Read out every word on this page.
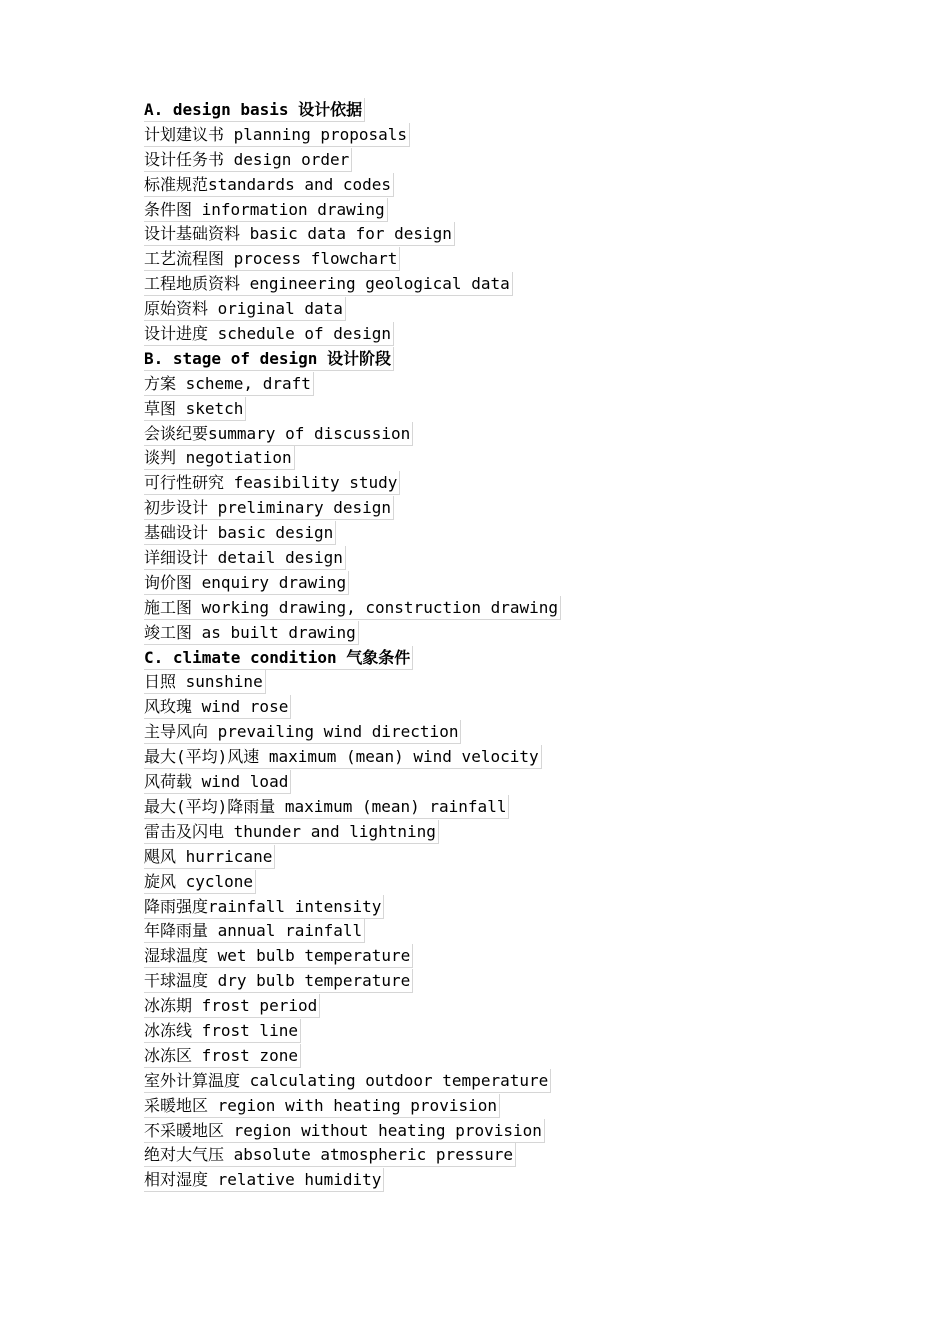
A. design basis 设计依据
计划建议书 planning proposals
设计任务书 design order
标准规范standards and codes
条件图 information drawing
设计基础资料 basic data for design
工艺流程图 process flowchart
工程地质资料 engineering geological data
原始资料 original data
设计进度 schedule of design
B. stage of design 设计阶段
方案 scheme, draft
草图 sketch
会谈纪要summary of discussion
谈判 negotiation
可行性研究 feasibility study
初步设计 preliminary design
基础设计 basic design
详细设计 detail design
询价图 enquiry drawing
施工图 working drawing, construction drawing
竣工图 as built drawing
C. climate condition 气象条件
日照 sunshine
风玫瑰 wind rose
主导风向 prevailing wind direction
最大(平均)风速 maximum (mean) wind velocity
风荷载 wind load
最大(平均)降雨量 maximum (mean) rainfall
雷击及闪电 thunder and lightning
飓风 hurricane
旋风 cyclone
降雨强度rainfall intensity
年降雨量 annual rainfall
湿球温度 wet bulb temperature
干球温度 dry bulb temperature
冰冻期 frost period
冰冻线 frost line
冰冻区 frost zone
室外计算温度 calculating outdoor temperature
采暖地区 region with heating provision
不采暖地区 region without heating provision
绝对大气压 absolute atmospheric pressure
相对湿度 relative humidity
